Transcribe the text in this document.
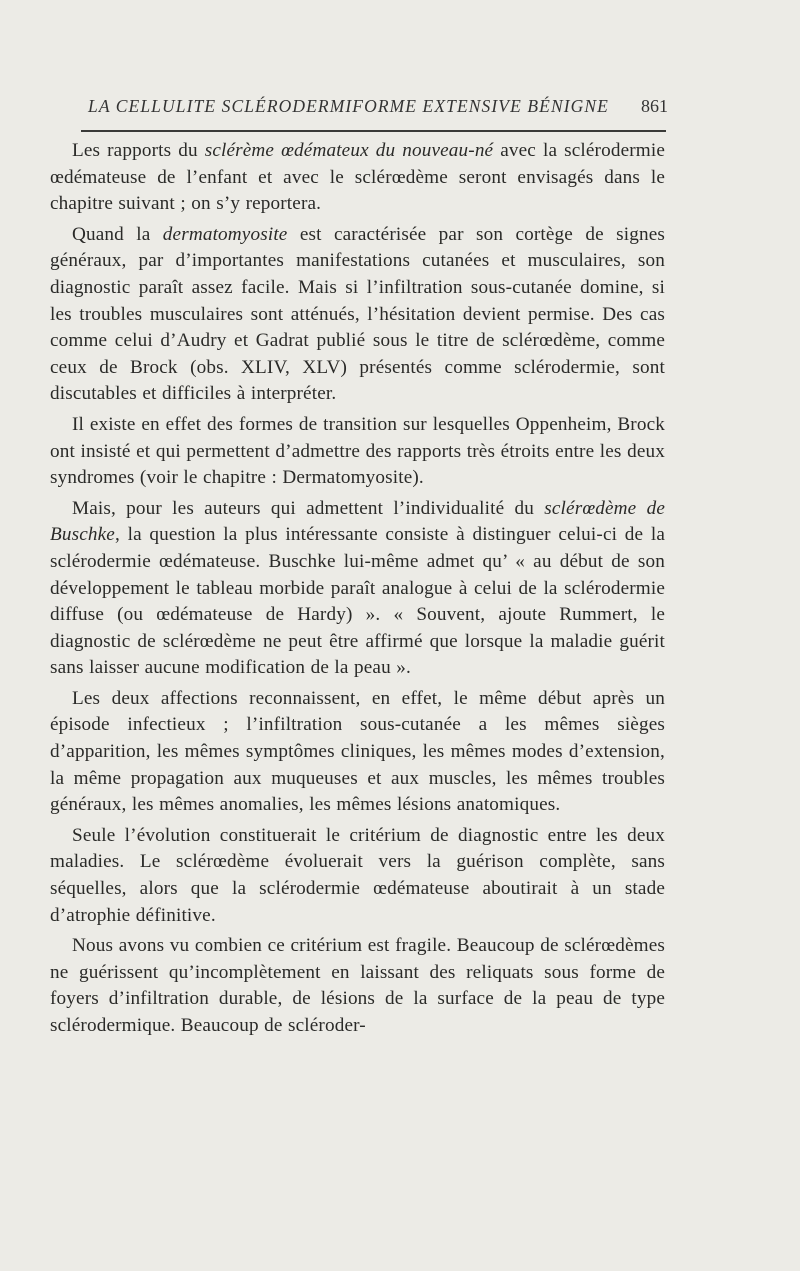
LA CELLULITE SCLÉRODERMIFORME EXTENSIVE BÉNIGNE 861

Les rapports du sclérème œdémateux du nouveau-né avec la sclérodermie œdémateuse de l’enfant et avec le sclérœdème seront envisagés dans le chapitre suivant ; on s’y reportera.

Quand la dermatomyosite est caractérisée par son cortège de signes généraux, par d’importantes manifestations cutanées et musculaires, son diagnostic paraît assez facile. Mais si l’infiltration sous-cutanée domine, si les troubles musculaires sont atténués, l’hésitation devient permise. Des cas comme celui d’Audry et Gadrat publié sous le titre de sclérœdème, comme ceux de Brock (obs. XLIV, XLV) présentés comme sclérodermie, sont discutables et difficiles à interpréter.

Il existe en effet des formes de transition sur lesquelles Oppenheim, Brock ont insisté et qui permettent d’admettre des rapports très étroits entre les deux syndromes (voir le chapitre : Dermatomyosite).

Mais, pour les auteurs qui admettent l’individualité du sclérœdème de Buschke, la question la plus intéressante consiste à distinguer celui-ci de la sclérodermie œdémateuse. Buschke lui-même admet qu’ « au début de son développement le tableau morbide paraît analogue à celui de la sclérodermie diffuse (ou œdémateuse de Hardy) ». « Souvent, ajoute Rummert, le diagnostic de sclérœdème ne peut être affirmé que lorsque la maladie guérit sans laisser aucune modification de la peau ».

Les deux affections reconnaissent, en effet, le même début après un épisode infectieux ; l’infiltration sous-cutanée a les mêmes sièges d’apparition, les mêmes symptômes cliniques, les mêmes modes d’extension, la même propagation aux muqueuses et aux muscles, les mêmes troubles généraux, les mêmes anomalies, les mêmes lésions anatomiques.

Seule l’évolution constituerait le critérium de diagnostic entre les deux maladies. Le sclérœdème évoluerait vers la guérison complète, sans séquelles, alors que la sclérodermie œdémateuse aboutirait à un stade d’atrophie définitive.

Nous avons vu combien ce critérium est fragile. Beaucoup de sclérœdèmes ne guérissent qu’incomplètement en laissant des reliquats sous forme de foyers d’infiltration durable, de lésions de la surface de la peau de type sclérodermique. Beaucoup de scléroder-
